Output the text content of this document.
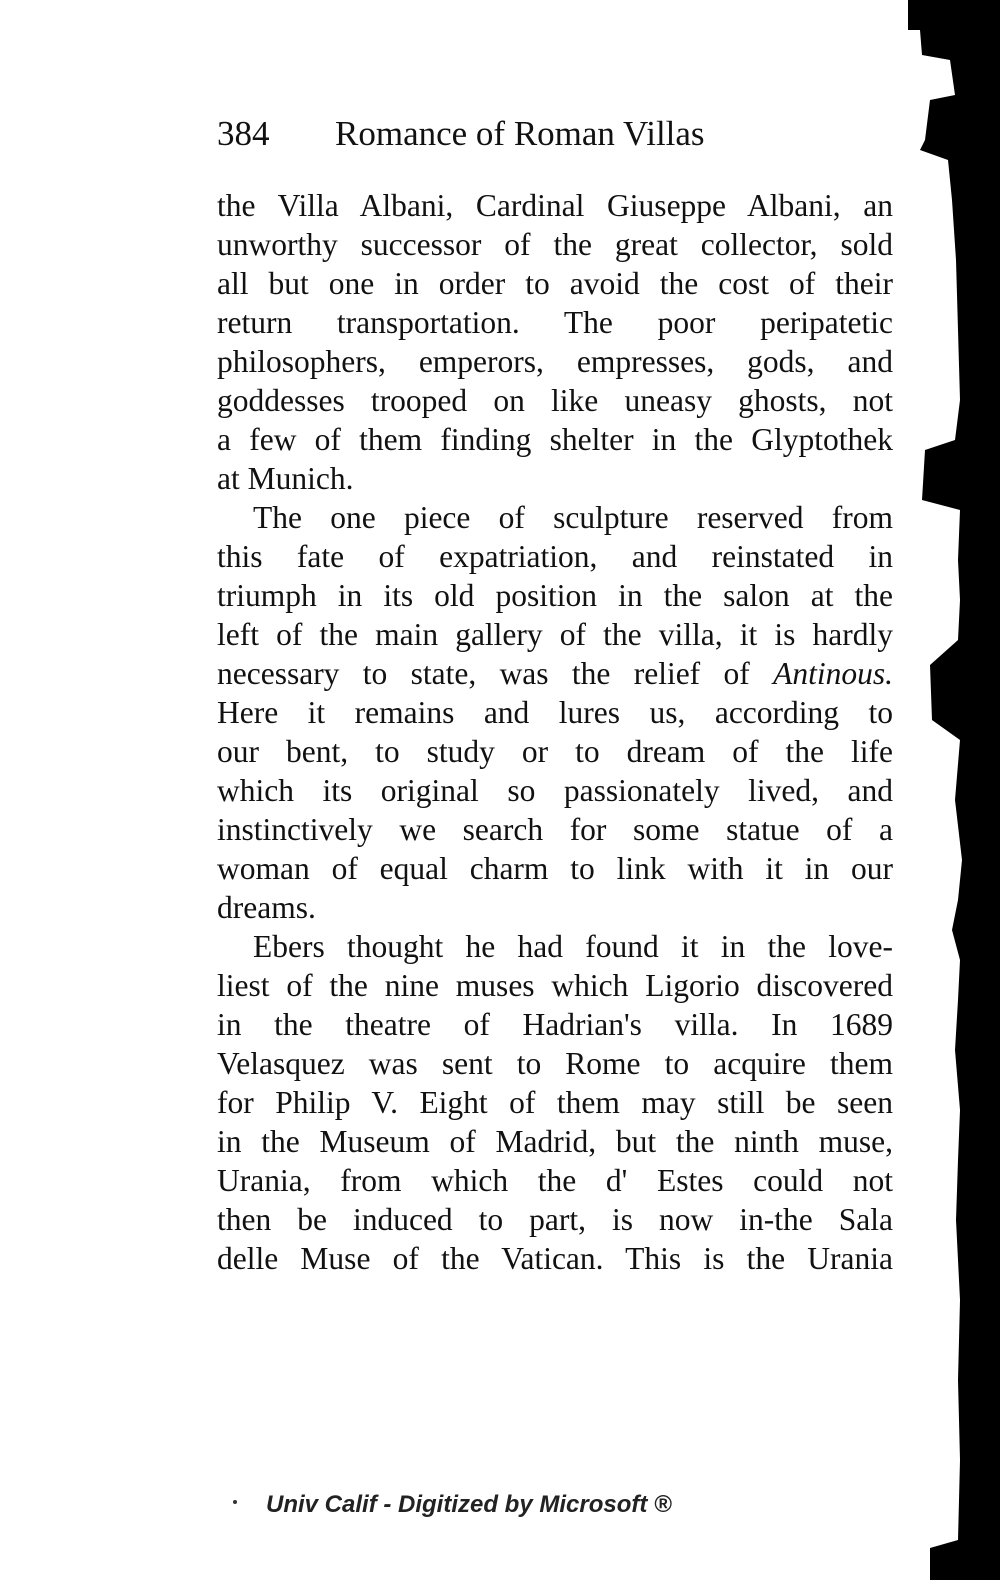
384 Romance of Roman Villas
the Villa Albani, Cardinal Giuseppe Albani, an
unworthy successor of the great collector, sold
all but one in order to avoid the cost of their
return transportation. The poor peripatetic
philosophers, emperors, empresses, gods, and
goddesses trooped on like uneasy ghosts, not
a few of them finding shelter in the Glyptothek
at Munich.
The one piece of sculpture reserved from
this fate of expatriation, and reinstated in
triumph in its old position in the salon at the
left of the main gallery of the villa, it is hardly
necessary to state, was the relief of Antinous.
Here it remains and lures us, according to
our bent, to study or to dream of the life
which its original so passionately lived, and
instinctively we search for some statue of a
woman of equal charm to link with it in our
dreams.
Ebers thought he had found it in the love-
liest of the nine muses which Ligorio discovered
in the theatre of Hadrian's villa. In 1689
Velasquez was sent to Rome to acquire them
for Philip V. Eight of them may still be seen
in the Museum of Madrid, but the ninth muse,
Urania, from which the d' Estes could not
then be induced to part, is now in-the Sala
delle Muse of the Vatican. This is the Urania
Univ Calif - Digitized by Microsoft ®
